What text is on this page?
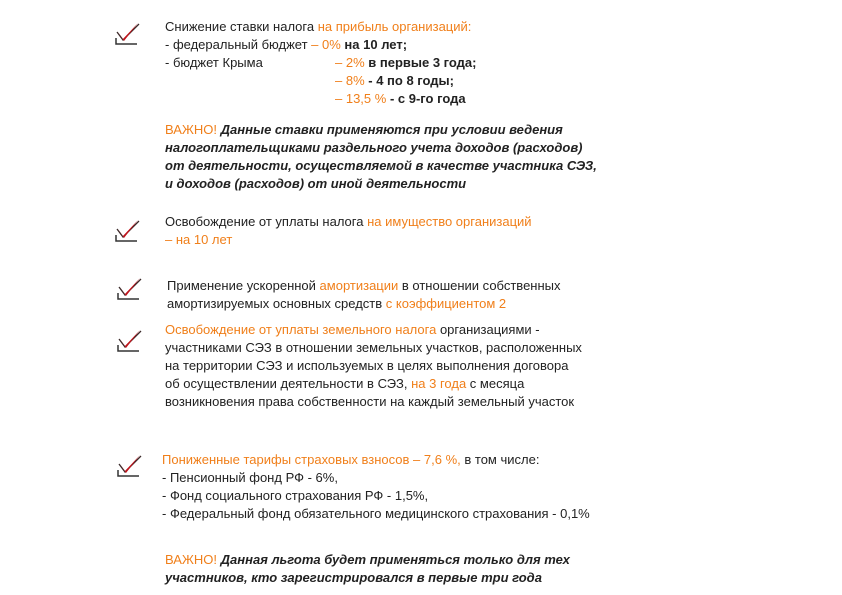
Снижение ставки налога на прибыль организаций:
- федеральный бюджет – 0% на 10 лет;
- бюджет Крыма	– 2% в первые 3 года;
– 8% - 4 по 8 годы;
– 13,5 % - с 9-го года
ВАЖНО! Данные ставки применяются при условии ведения
налогоплательщиками раздельного учета доходов (расходов)
от деятельности, осуществляемой в качестве участника СЭЗ,
и доходов (расходов) от иной деятельности
Освобождение от уплаты налога на имущество организаций
– на 10 лет
Применение ускоренной амортизации в отношении собственных
амортизируемых основных средств с коэффициентом 2
Освобождение от уплаты земельного налога организациями -
участниками СЭЗ в отношении земельных участков, расположенных
на территории СЭЗ и используемых в целях выполнения договора
об осуществлении деятельности в СЭЗ, на 3 года с месяца
возникновения права собственности на каждый земельный участок
Пониженные тарифы страховых взносов – 7,6 %, в том числе:
- Пенсионный фонд РФ - 6%,
- Фонд социального страхования РФ - 1,5%,
- Федеральный фонд обязательного медицинского страхования - 0,1%
ВАЖНО! Данная льгота будет применяться только для тех
участников, кто зарегистрировался в первые три года
